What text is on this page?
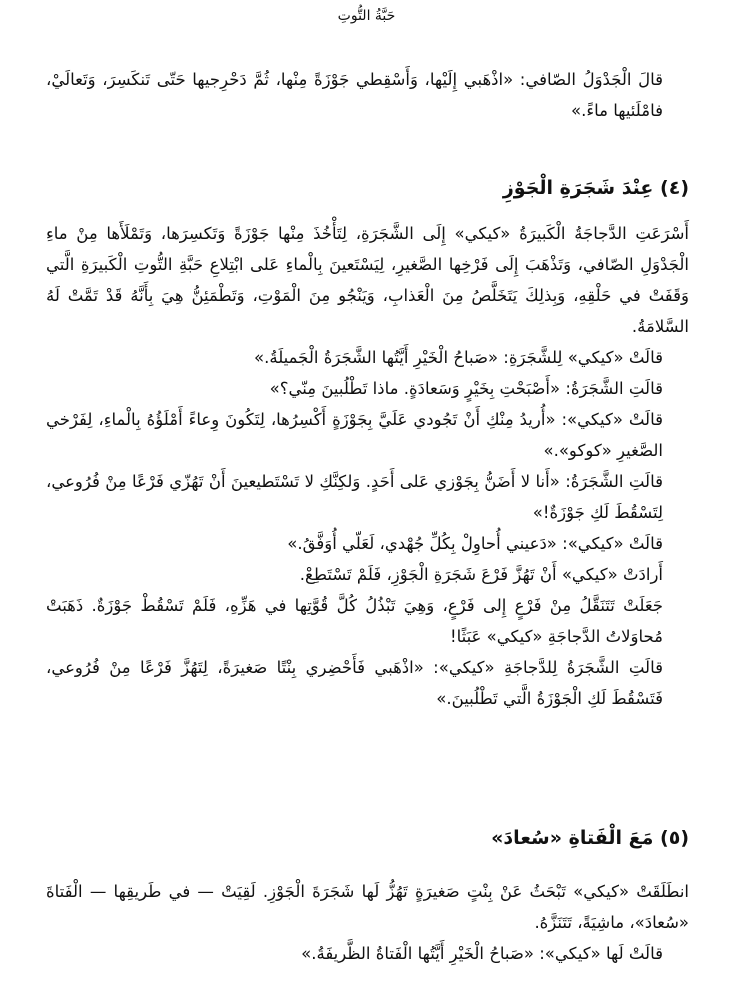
حَبَّةُ التُّوتِ

قالَ الْجَدْوَلُ الصّافي: «اذْهَبي إِلَيْها، وَأَسْقِطي جَوْزَةً مِنْها، ثُمَّ دَحْرِجيها حَتّى تَنكَسِرَ، وَتَعالَيْ، فامْلَئيها ماءً.»

(٤) عِنْدَ شَجَرَةِ الْجَوْزِ

أَسْرَعَتِ الدَّجاجَةُ الْكَبيرَةُ «كيكي» إِلَى الشَّجَرَةِ، لِتَأْخُذَ مِنْها جَوْزَةً وَتَكسِرَها، وَتَمْلَأَها مِنْ ماءِ الْجَدْوَلِ الصّافي، وَتَذْهَبَ إِلَى فَرْخِها الصَّغيرِ، لِيَسْتَعينَ بِالْماءِ عَلى ابْتِلاعِ حَبَّةِ التُّوتِ الْكَبيرَةِ الَّتي وَقَفَتْ في حَلْقِهِ، وَبِذلِكَ يَتَخَلَّصُ مِنَ الْعَذابِ، وَيَنْجُو مِنَ الْمَوْتِ، وَتَطْمَئِنُّ هِيَ بِأَنَّهُ قَدْ تَمَّتْ لَهُ السَّلامَةُ.

قالَتْ «كيكي» لِلشَّجَرَةِ: «صَباحُ الْخَيْرِ أَيَّتُها الشَّجَرَةُ الْجَميلَةُ.»

قالَتِ الشَّجَرَةُ: «أَصْبَحْتِ بِخَيْرٍ وَسَعادَةٍ. ماذا تَطْلُبينَ مِنّي؟»

قالَتْ «كيكي»: «أُريدُ مِنْكِ أَنْ تَجُودي عَلَيَّ بِجَوْزَةٍ أَكْسِرُها، لِتَكُونَ وِعاءً أَمْلَؤُهُ بِالْماءِ، لِفَرْخي الصَّغيرِ «كوكو».»

قالَتِ الشَّجَرَةُ: «أَنا لا أَضَنُّ بِجَوْزي عَلى أَحَدٍ. وَلكِنَّكِ لا تَسْتَطيعينَ أَنْ تَهُزّي فَرْعًا مِنْ فُرُوعي، لِتَسْقُطَ لَكِ جَوْزَةٌ!»

قالَتْ «كيكي»: «دَعيني أُحاوِلْ بِكُلِّ جُهْدي، لَعَلّي أُوَفَّقُ.»

أَرادَتْ «كيكي» أَنْ تَهُزَّ فَرْعَ شَجَرَةِ الْجَوْزِ، فَلَمْ تَسْتَطِعْ.

جَعَلَتْ تَتَنَقَّلُ مِنْ فَرْعٍ إِلى فَرْعٍ، وَهِيَ تَبْذُلُ كُلَّ قُوَّتِها في هَزِّهِ، فَلَمْ تَسْقُطْ جَوْزَةٌ. ذَهَبَتْ مُحاوَلاتُ الدَّجاجَةِ «كيكي» عَبَثًا!

قالَتِ الشَّجَرَةُ لِلدَّجاجَةِ «كيكي»: «اذْهَبي فَأَحْضِري بِنْتًا صَغيرَةً، لِتَهُزَّ فَرْعًا مِنْ فُرُوعي، فَتَسْقُطَ لَكِ الْجَوْزَةُ الَّتي تَطْلُبينَ.»

(٥) مَعَ الْفَتاةِ «سُعادَ»

انطَلَقَتْ «كيكي» تَبْحَثُ عَنْ بِنْتٍ صَغيرَةٍ تَهُزُّ لَها شَجَرَةَ الْجَوْزِ. لَقِيَتْ — في طَريقِها — الْفَتاةَ «سُعادَ»، ماشِيَةً، تَتَنَزَّهُ.

قالَتْ لَها «كيكي»: «صَباحُ الْخَيْرِ أَيَّتُها الْفَتاةُ الظَّريفَةُ.»
